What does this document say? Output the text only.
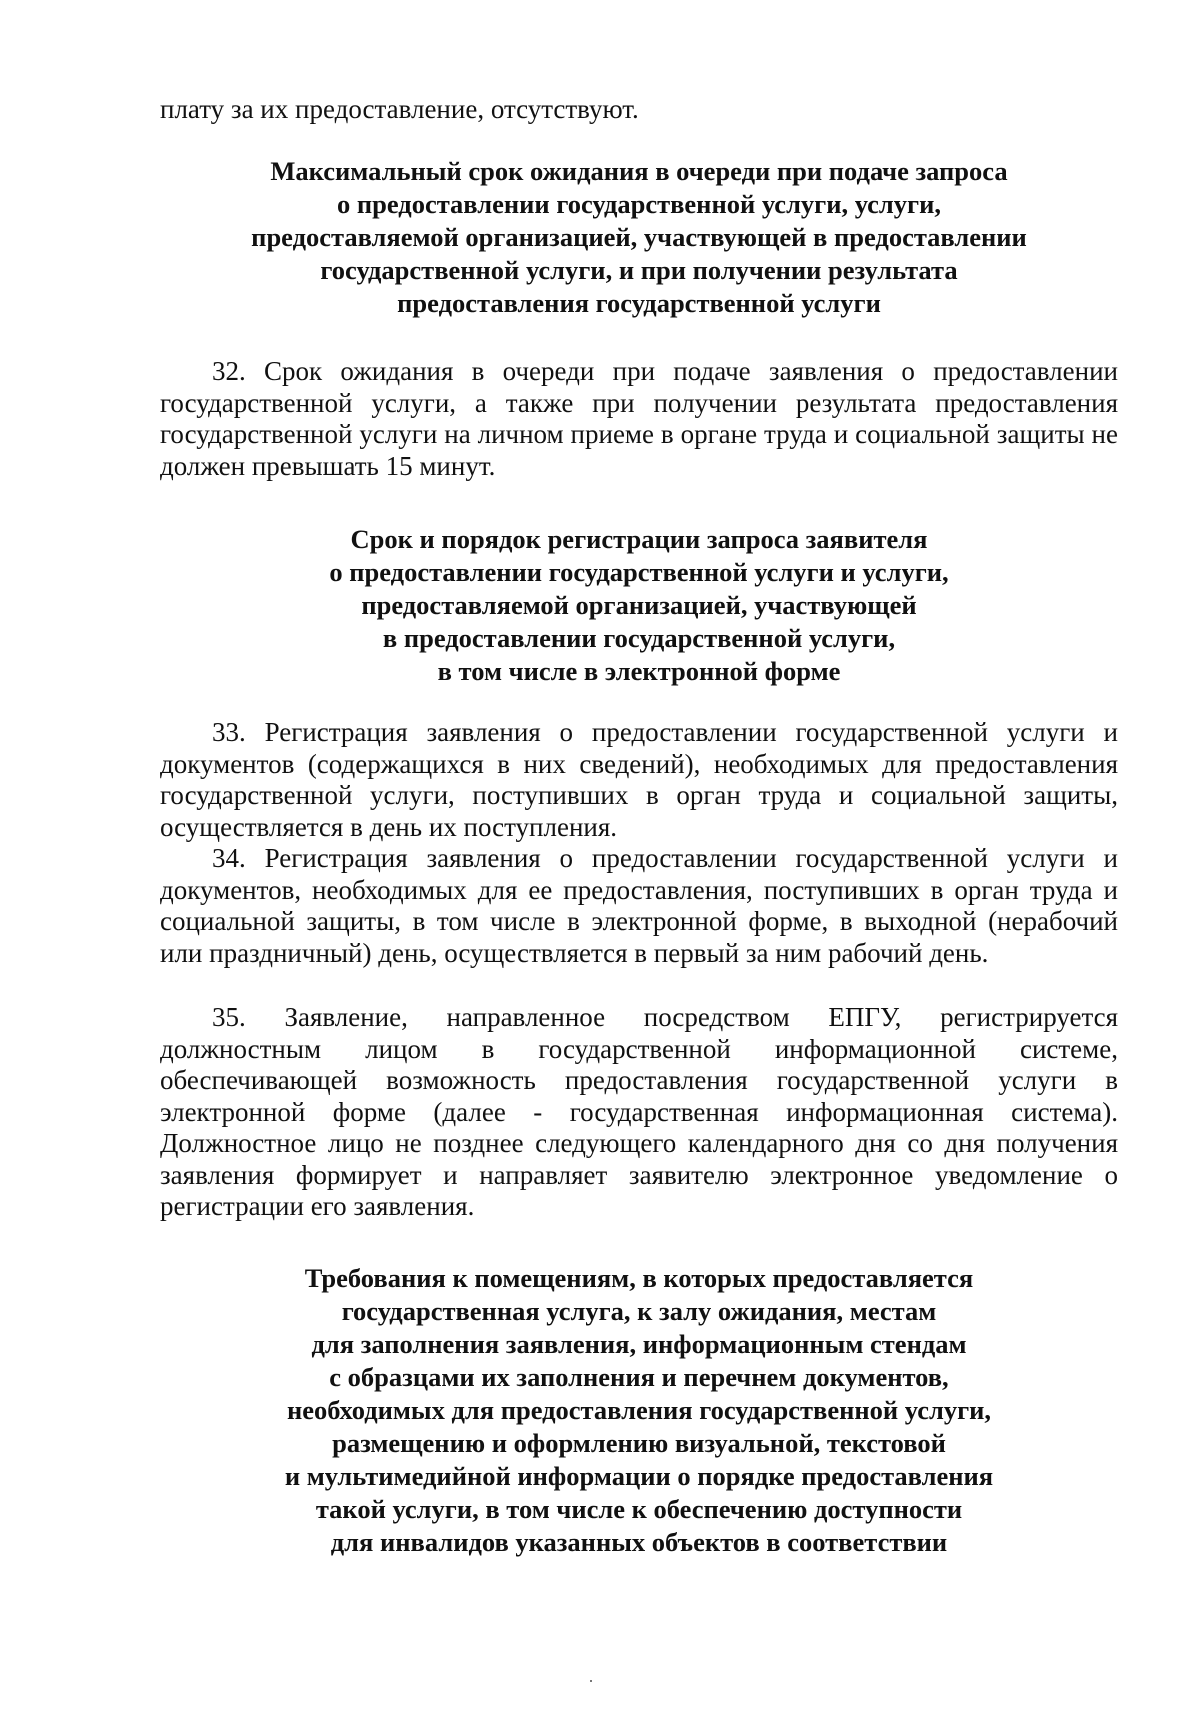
плату за их предоставление, отсутствуют.

Максимальный срок ожидания в очереди при подаче запроса
о предоставлении государственной услуги, услуги,
предоставляемой организацией, участвующей в предоставлении
государственной услуги, и при получении результата
предоставления государственной услуги

32. Срок ожидания в очереди при подаче заявления о предоставлении государственной услуги, а также при получении результата предоставления государственной услуги на личном приеме в органе труда и социальной защиты не должен превышать 15 минут.

Срок и порядок регистрации запроса заявителя
о предоставлении государственной услуги и услуги,
предоставляемой организацией, участвующей
в предоставлении государственной услуги,
в том числе в электронной форме

33. Регистрация заявления о предоставлении государственной услуги и документов (содержащихся в них сведений), необходимых для предоставления государственной услуги, поступивших в орган труда и социальной защиты, осуществляется в день их поступления.

34. Регистрация заявления о предоставлении государственной услуги и документов, необходимых для ее предоставления, поступивших в орган труда и социальной защиты, в том числе в электронной форме, в выходной (нерабочий или праздничный) день, осуществляется в первый за ним рабочий день.

35. Заявление, направленное посредством ЕПГУ, регистрируется должностным лицом в государственной информационной системе, обеспечивающей возможность предоставления государственной услуги в электронной форме (далее - государственная информационная система). Должностное лицо не позднее следующего календарного дня со дня получения заявления формирует и направляет заявителю электронное уведомление о регистрации его заявления.

Требования к помещениям, в которых предоставляется
государственная услуга, к залу ожидания, местам
для заполнения заявления, информационным стендам
с образцами их заполнения и перечнем документов,
необходимых для предоставления государственной услуги,
размещению и оформлению визуальной, текстовой
и мультимедийной информации о порядке предоставления
такой услуги, в том числе к обеспечению доступности
для инвалидов указанных объектов в соответствии
